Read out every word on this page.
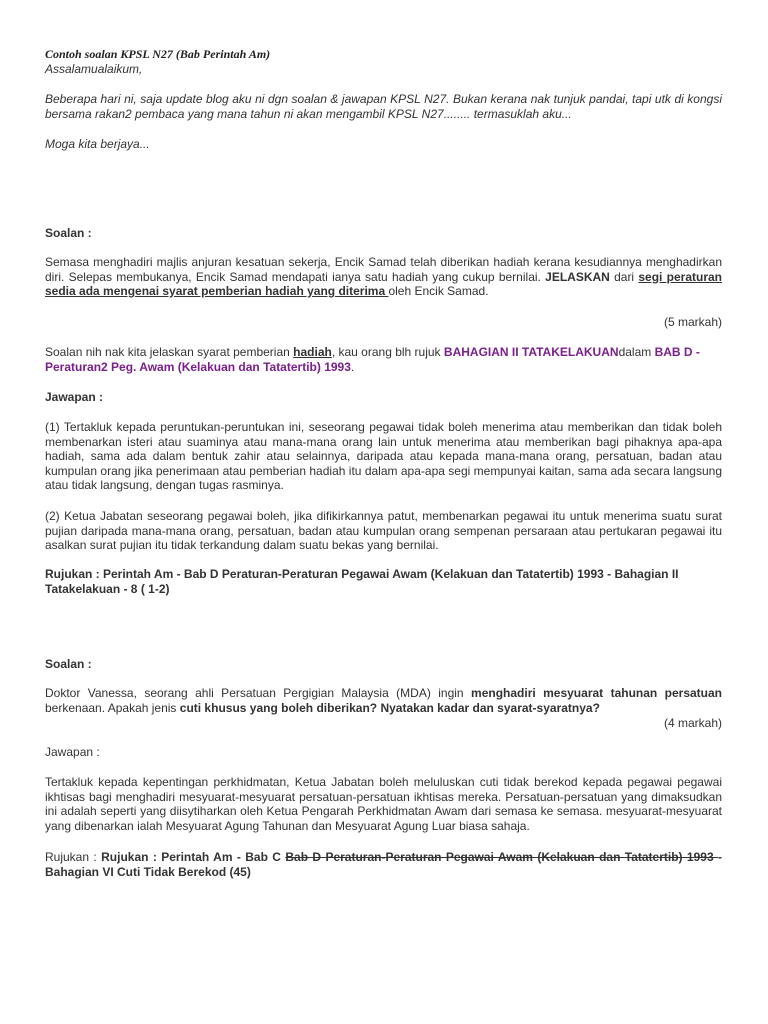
Contoh soalan KPSL N27 (Bab Perintah Am)
Assalamualaikum,
Beberapa hari ni, saja update blog aku ni dgn soalan & jawapan KPSL N27. Bukan kerana nak tunjuk pandai, tapi utk di kongsi bersama rakan2 pembaca yang mana tahun ni akan mengambil KPSL N27........ termasuklah aku...
Moga kita berjaya...
Soalan :
Semasa menghadiri majlis anjuran kesatuan sekerja, Encik Samad telah diberikan hadiah kerana kesudiannya menghadirkan diri. Selepas membukanya, Encik Samad mendapati ianya satu hadiah yang cukup bernilai. JELASKAN dari segi peraturan sedia ada mengenai syarat pemberian hadiah yang diterima oleh Encik Samad.
(5 markah)
Soalan nih nak kita jelaskan syarat pemberian hadiah, kau orang blh rujuk BAHAGIAN II TATAKELAKUANdalam BAB D - Peraturan2 Peg. Awam (Kelakuan dan Tatatertib) 1993.
Jawapan :
(1) Tertakluk kepada peruntukan-peruntukan ini, seseorang pegawai tidak boleh menerima atau memberikan dan tidak boleh membenarkan isteri atau suaminya atau mana-mana orang lain untuk menerima atau memberikan bagi pihaknya apa-apa hadiah, sama ada dalam bentuk zahir atau selainnya, daripada atau kepada mana-mana orang, persatuan, badan atau kumpulan orang jika penerimaan atau pemberian hadiah itu dalam apa-apa segi mempunyai kaitan, sama ada secara langsung atau tidak langsung, dengan tugas rasminya.
(2) Ketua Jabatan seseorang pegawai boleh, jika difikirkannya patut, membenarkan pegawai itu untuk menerima suatu surat pujian daripada mana-mana orang, persatuan, badan atau kumpulan orang sempenan persaraan atau pertukaran pegawai itu asalkan surat pujian itu tidak terkandung dalam suatu bekas yang bernilai.
Rujukan : Perintah Am - Bab D Peraturan-Peraturan Pegawai Awam (Kelakuan dan Tatatertib) 1993 - Bahagian II Tatakelakuan - 8 ( 1-2)
Soalan :
Doktor Vanessa, seorang ahli Persatuan Pergigian Malaysia (MDA) ingin menghadiri mesyuarat tahunan persatuan berkenaan. Apakah jenis cuti khusus yang boleh diberikan? Nyatakan kadar dan syarat-syaratnya?
(4 markah)
Jawapan :
Tertakluk kepada kepentingan perkhidmatan, Ketua Jabatan boleh meluluskan cuti tidak berekod kepada pegawai pegawai ikhtisas bagi menghadiri mesyuarat-mesyuarat persatuan-persatuan ikhtisas mereka. Persatuan-persatuan yang dimaksudkan ini adalah seperti yang diisytiharkan oleh Ketua Pengarah Perkhidmatan Awam dari semasa ke semasa. mesyuarat-mesyuarat yang dibenarkan ialah Mesyuarat Agung Tahunan dan Mesyuarat Agung Luar biasa sahaja.
Rujukan : Rujukan : Perintah Am - Bab C Bab D Peraturan-Peraturan Pegawai Awam (Kelakuan dan Tatatertib) 1993 - Bahagian VI Cuti Tidak Berekod (45)
